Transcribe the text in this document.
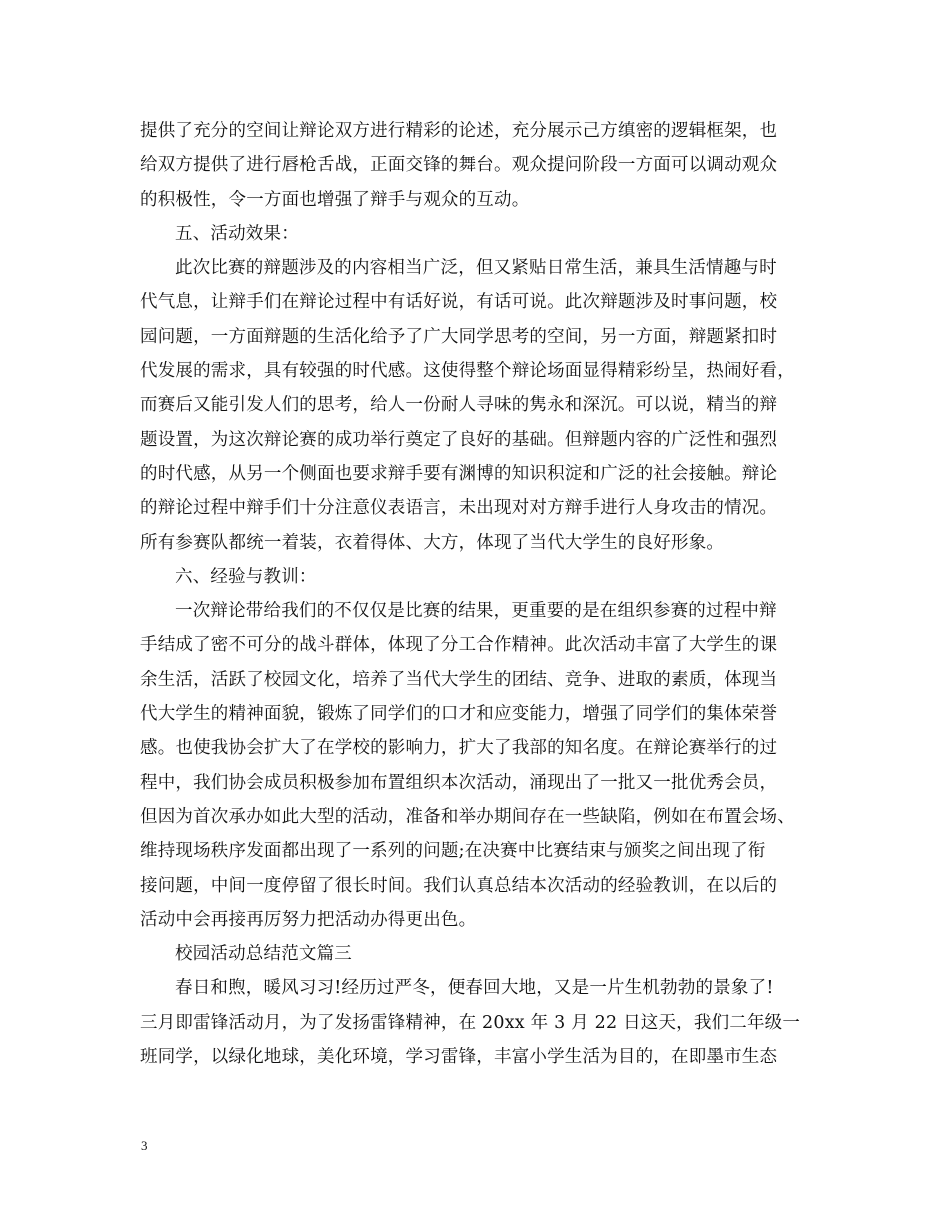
提供了充分的空间让辩论双方进行精彩的论述，充分展示己方缜密的逻辑框架，也
给双方提供了进行唇枪舌战，正面交锋的舞台。观众提问阶段一方面可以调动观众
的积极性，令一方面也增强了辩手与观众的互动。
五、活动效果：
此次比赛的辩题涉及的内容相当广泛，但又紧贴日常生活，兼具生活情趣与时
代气息，让辩手们在辩论过程中有话好说，有话可说。此次辩题涉及时事问题，校
园问题，一方面辩题的生活化给予了广大同学思考的空间，另一方面，辩题紧扣时
代发展的需求，具有较强的时代感。这使得整个辩论场面显得精彩纷呈，热闹好看，
而赛后又能引发人们的思考，给人一份耐人寻味的隽永和深沉。可以说，精当的辩
题设置，为这次辩论赛的成功举行奠定了良好的基础。但辩题内容的广泛性和强烈
的时代感，从另一个侧面也要求辩手要有渊博的知识积淀和广泛的社会接触。辩论
的辩论过程中辩手们十分注意仪表语言，未出现对对方辩手进行人身攻击的情况。
所有参赛队都统一着装，衣着得体、大方，体现了当代大学生的良好形象。
六、经验与教训：
一次辩论带给我们的不仅仅是比赛的结果，更重要的是在组织参赛的过程中辩
手结成了密不可分的战斗群体，体现了分工合作精神。此次活动丰富了大学生的课
余生活，活跃了校园文化，培养了当代大学生的团结、竞争、进取的素质，体现当
代大学生的精神面貌，锻炼了同学们的口才和应变能力，增强了同学们的集体荣誉
感。也使我协会扩大了在学校的影响力，扩大了我部的知名度。在辩论赛举行的过
程中，我们协会成员积极参加布置组织本次活动，涌现出了一批又一批优秀会员，
但因为首次承办如此大型的活动，准备和举办期间存在一些缺陷，例如在布置会场、
维持现场秩序发面都出现了一系列的问题;在决赛中比赛结束与颁奖之间出现了衔
接问题，中间一度停留了很长时间。我们认真总结本次活动的经验教训，在以后的
活动中会再接再厉努力把活动办得更出色。
校园活动总结范文篇三
春日和煦，暖风习习!经历过严冬，便春回大地，又是一片生机勃勃的景象了!
三月即雷锋活动月，为了发扬雷锋精神，在 20xx 年 3 月 22 日这天，我们二年级一
班同学，以绿化地球，美化环境，学习雷锋，丰富小学生活为目的，在即墨市生态
3
